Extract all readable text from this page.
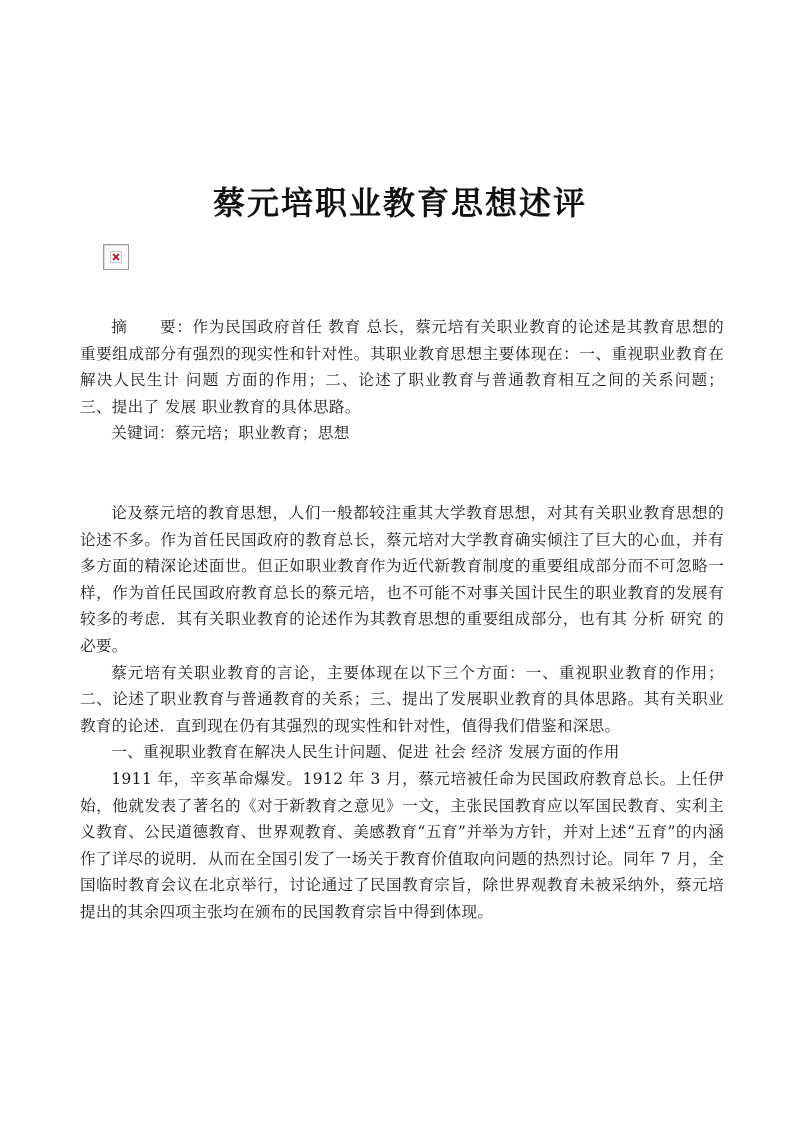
蔡元培职业教育思想述评

摘　　要：作为民国政府首任 教育 总长，蔡元培有关职业教育的论述是其教育思想的重要组成部分有强烈的现实性和针对性。其职业教育思想主要体现在：一、重视职业教育在解决人民生计 问题 方面的作用；二、论述了职业教育与普通教育相互之间的关系问题；三、提出了 发展 职业教育的具体思路。

关键词：蔡元培；职业教育；思想

论及蔡元培的教育思想，人们一般都较注重其大学教育思想，对其有关职业教育思想的论述不多。作为首任民国政府的教育总长，蔡元培对大学教育确实倾注了巨大的心血，并有多方面的精深论述面世。但正如职业教育作为近代新教育制度的重要组成部分而不可忽略一样，作为首任民国政府教育总长的蔡元培，也不可能不对事关国计民生的职业教育的发展有较多的考虑．其有关职业教育的论述作为其教育思想的重要组成部分，也有其 分析 研究 的必要。

蔡元培有关职业教育的言论，主要体现在以下三个方面：一、重视职业教育的作用；二、论述了职业教育与普通教育的关系；三、提出了发展职业教育的具体思路。其有关职业教育的论述．直到现在仍有其强烈的现实性和针对性，值得我们借鉴和深思。

一、重视职业教育在解决人民生计问题、促进 社会 经济 发展方面的作用

1911 年，辛亥革命爆发。1912 年 3 月，蔡元培被任命为民国政府教育总长。上任伊始，他就发表了著名的《对于新教育之意见》一文，主张民国教育应以军国民教育、实利主义教育、公民道德教育、世界观教育、美感教育“五育”并举为方针，并对上述“五育”的内涵作了详尽的说明．从而在全国引发了一场关于教育价值取向问题的热烈讨论。同年 7 月，全国临时教育会议在北京举行，讨论通过了民国教育宗旨，除世界观教育未被采纳外，蔡元培提出的其余四项主张均在颁布的民国教育宗旨中得到体现。
